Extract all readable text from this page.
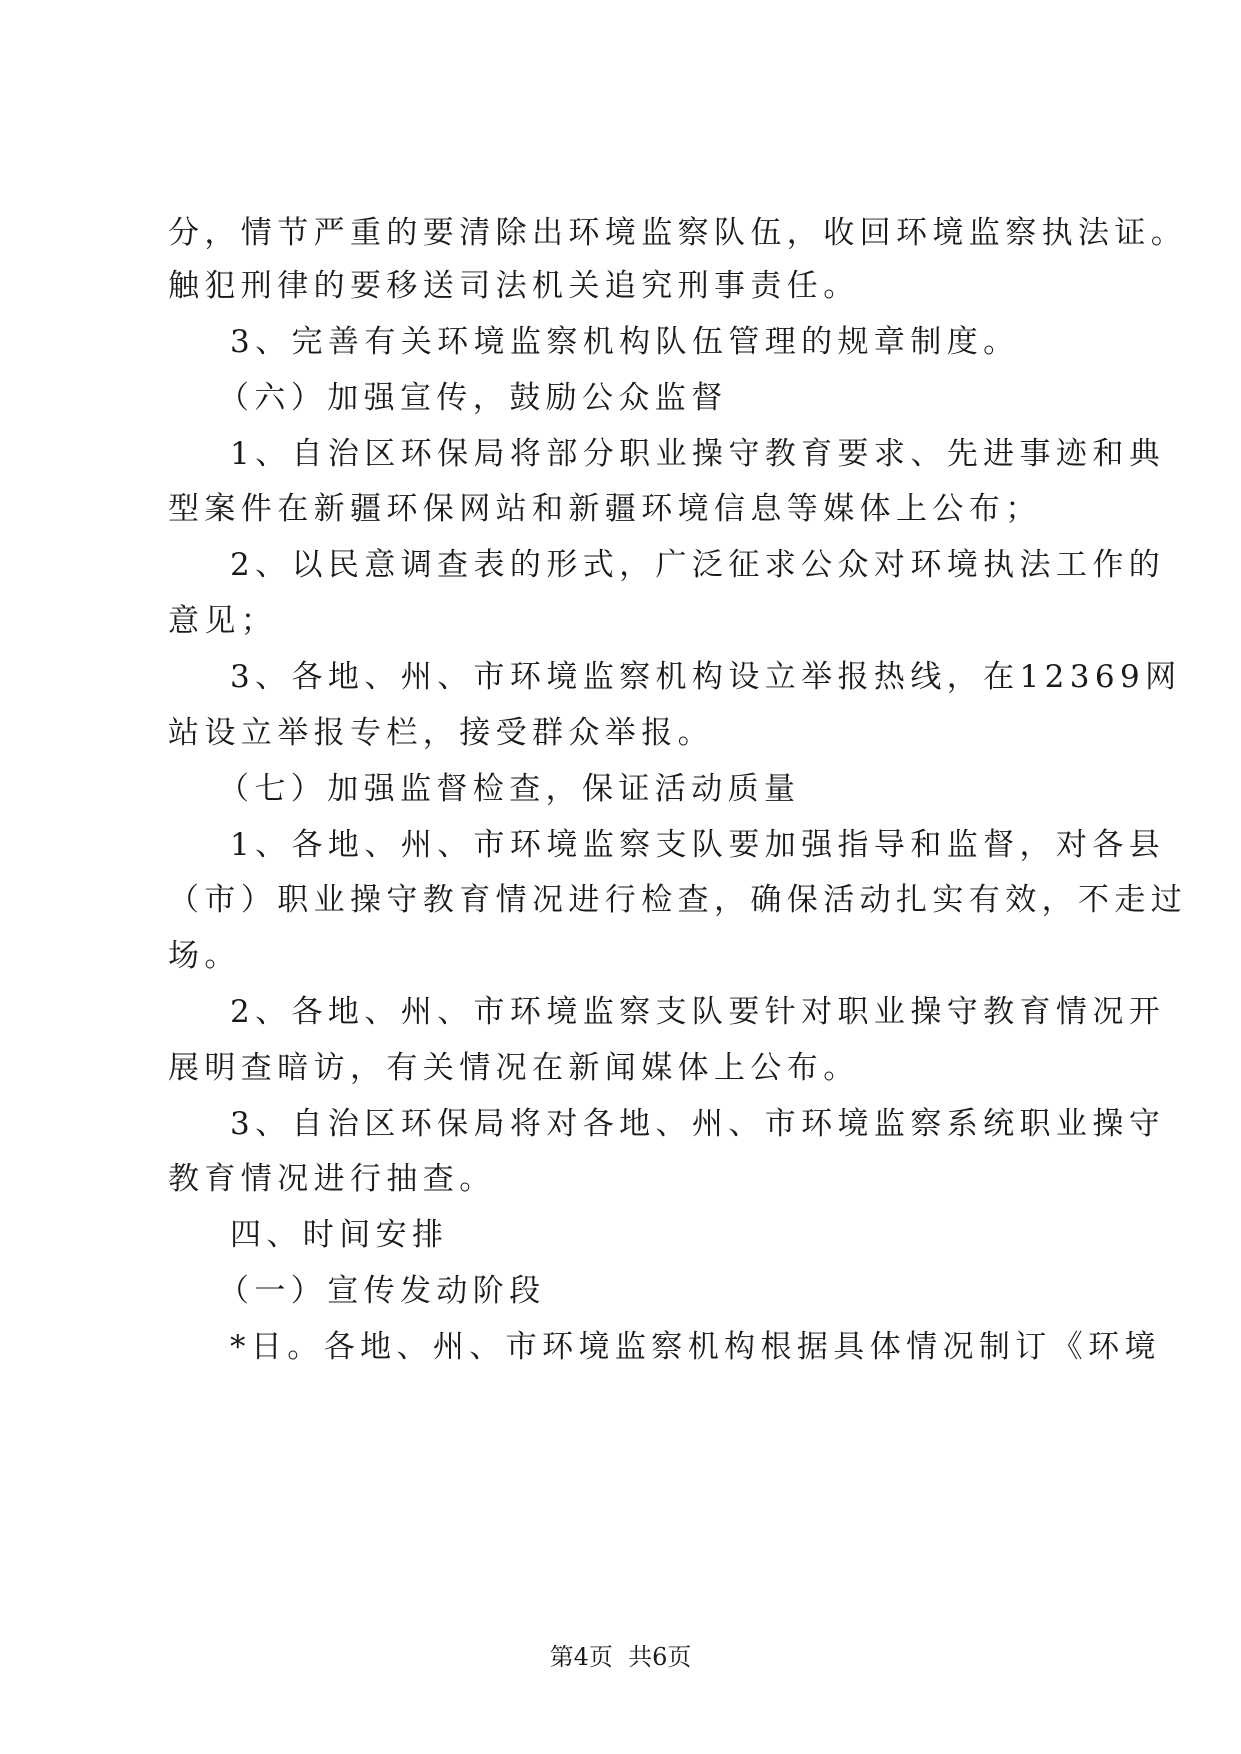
分，情节严重的要清除出环境监察队伍，收回环境监察执法证。
触犯刑律的要移送司法机关追究刑事责任。
3、完善有关环境监察机构队伍管理的规章制度。
（六）加强宣传，鼓励公众监督
1、自治区环保局将部分职业操守教育要求、先进事迹和典
型案件在新疆环保网站和新疆环境信息等媒体上公布；
2、以民意调查表的形式，广泛征求公众对环境执法工作的
意见；
3、各地、州、市环境监察机构设立举报热线，在12369网
站设立举报专栏，接受群众举报。
（七）加强监督检查，保证活动质量
1、各地、州、市环境监察支队要加强指导和监督，对各县
（市）职业操守教育情况进行检查，确保活动扎实有效，不走过
场。
2、各地、州、市环境监察支队要针对职业操守教育情况开
展明查暗访，有关情况在新闻媒体上公布。
3、自治区环保局将对各地、州、市环境监察系统职业操守
教育情况进行抽查。
四、时间安排
（一）宣传发动阶段
*日。各地、州、市环境监察机构根据具体情况制订《环境
第4页  共6页
